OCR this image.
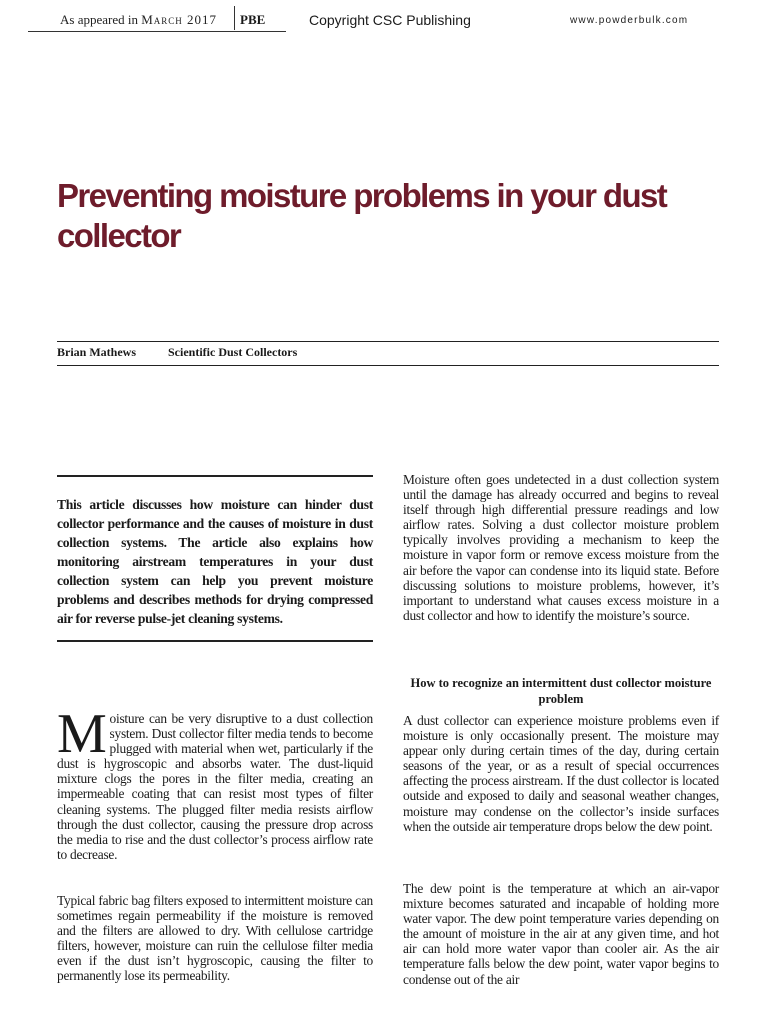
As appeared in March 2017 PBE	Copyright CSC Publishing	www.powderbulk.com
Preventing moisture problems in your dust collector
Brian Mathews	Scientific Dust Collectors

This article discusses how moisture can hinder dust collector performance and the causes of moisture in dust collection systems. The article also explains how monitoring airstream temperatures in your dust collection system can help you prevent moisture problems and describes methods for drying compressed air for reverse pulse-jet cleaning systems.

Moisture can be very disruptive to a dust collection system. Dust collector filter media tends to become plugged with material when wet, particularly if the dust is hygroscopic and absorbs water. The dust-liquid mixture clogs the pores in the filter media, creating an impermeable coating that can resist most types of filter cleaning systems. The plugged filter media resists airflow through the dust collector, causing the pressure drop across the media to rise and the dust collector’s process airflow rate to decrease.

Typical fabric bag filters exposed to intermittent moisture can sometimes regain permeability if the moisture is removed and the filters are allowed to dry. With cellulose cartridge filters, however, moisture can ruin the cellulose filter media even if the dust isn’t hygroscopic, causing the filter to permanently lose its permeability.

Moisture often goes undetected in a dust collection system until the damage has already occurred and begins to reveal itself through high differential pressure readings and low airflow rates. Solving a dust collector moisture problem typically involves providing a mechanism to keep the moisture in vapor form or remove excess moisture from the air before the vapor can condense into its liquid state. Before discussing solutions to moisture problems, however, it’s important to understand what causes excess moisture in a dust collector and how to identify the moisture’s source.

How to recognize an intermittent dust collector moisture problem

A dust collector can experience moisture problems even if moisture is only occasionally present. The moisture may appear only during certain times of the day, during certain seasons of the year, or as a result of special occurrences affecting the process airstream. If the dust collector is located outside and exposed to daily and seasonal weather changes, moisture may condense on the collector’s inside surfaces when the outside air temperature drops below the dew point.

The dew point is the temperature at which an air-vapor mixture becomes saturated and incapable of holding more water vapor. The dew point temperature varies depending on the amount of moisture in the air at any given time, and hot air can hold more water vapor than cooler air. As the air temperature falls below the dew point, water vapor begins to condense out of the air
